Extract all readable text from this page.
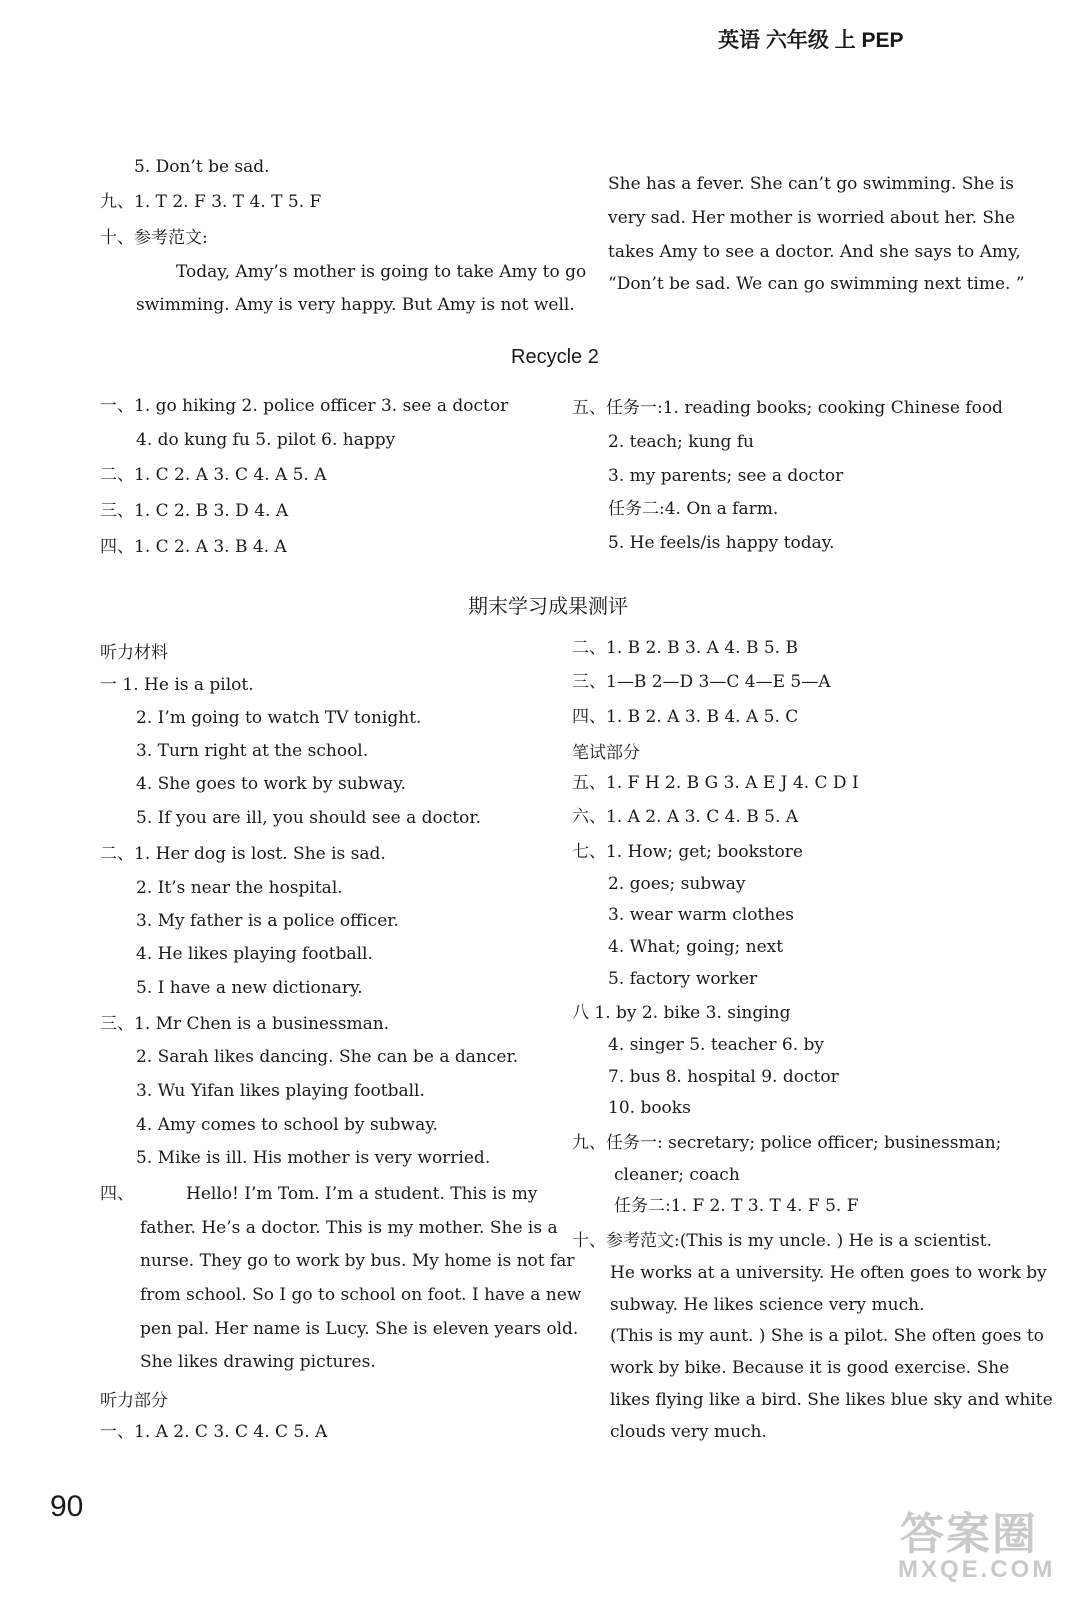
英语 六年级 上 PEP
5. Don’t be sad.
九、1. T 2. F 3. T 4. T 5. F
十、参考范文:
Today, Amy’s mother is going to take Amy to go
swimming. Amy is very happy. But Amy is not well.
She has a fever. She can’t go swimming. She is
very sad. Her mother is worried about her. She
takes Amy to see a doctor. And she says to Amy,
“Don’t be sad. We can go swimming next time. ”
Recycle 2
一、1. go hiking 2. police officer 3. see a doctor
4. do kung fu 5. pilot 6. happy
二、1. C 2. A 3. C 4. A 5. A
三、1. C 2. B 3. D 4. A
四、1. C 2. A 3. B 4. A
五、任务一:1. reading books; cooking Chinese food
2. teach; kung fu
3. my parents; see a doctor
任务二:4. On a farm.
5. He feels/is happy today.
期末学习成果测评
听力材料
一 1. He is a pilot.
2. I’m going to watch TV tonight.
3. Turn right at the school.
4. She goes to work by subway.
5. If you are ill, you should see a doctor.
二、1. Her dog is lost. She is sad.
2. It’s near the hospital.
3. My father is a police officer.
4. He likes playing football.
5. I have a new dictionary.
三、1. Mr Chen is a businessman.
2. Sarah likes dancing. She can be a dancer.
3. Wu Yifan likes playing football.
4. Amy comes to school by subway.
5. Mike is ill. His mother is very worried.
四、	Hello! I’m Tom. I’m a student. This is my
father. He’s a doctor. This is my mother. She is a
nurse. They go to work by bus. My home is not far
from school. So I go to school on foot. I have a new
pen pal. Her name is Lucy. She is eleven years old.
She likes drawing pictures.
听力部分
一、1. A 2. C 3. C 4. C 5. A
二、1. B 2. B 3. A 4. B 5. B
三、1—B 2—D 3—C 4—E 5—A
四、1. B 2. A 3. B 4. A 5. C
笔试部分
五、1. F H 2. B G 3. A E J 4. C D I
六、1. A 2. A 3. C 4. B 5. A
七、1. How; get; bookstore
2. goes; subway
3. wear warm clothes
4. What; going; next
5. factory worker
八 1. by 2. bike 3. singing
4. singer 5. teacher 6. by
7. bus 8. hospital 9. doctor
10. books
九、任务一: secretary; police officer; businessman;
cleaner; coach
任务二:1. F 2. T 3. T 4. F 5. F
十、参考范文:(This is my uncle. ) He is a scientist.
He works at a university. He often goes to work by
subway. He likes science very much.
(This is my aunt. ) She is a pilot. She often goes to
work by bike. Because it is good exercise. She
likes flying like a bird. She likes blue sky and white
clouds very much.
90
答案圈
MXQE.COM
